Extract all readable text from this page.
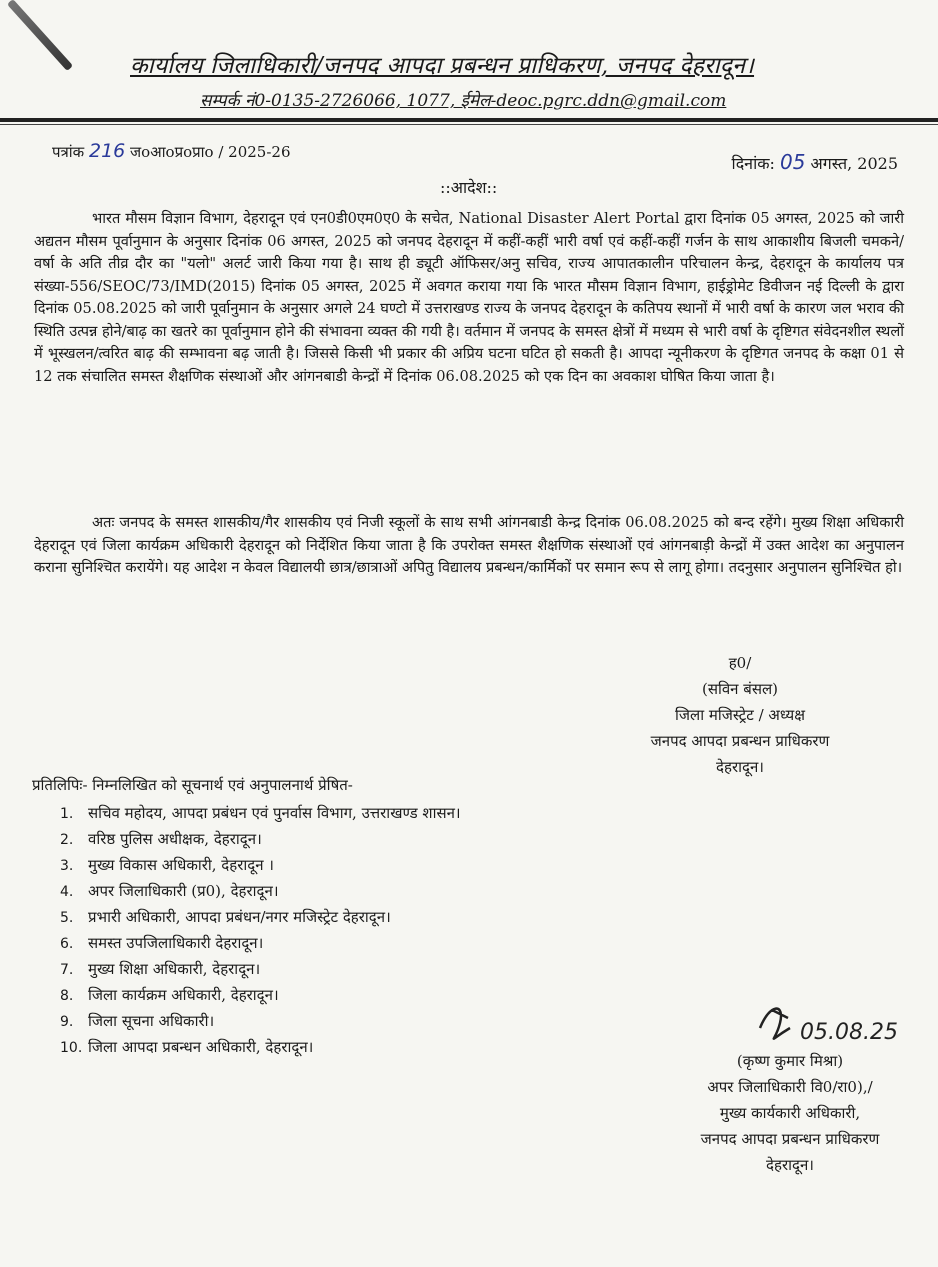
कार्यालय जिलाधिकारी/जनपद आपदा प्रबन्धन प्राधिकरण, जनपद देहरादून।
सम्पर्क नं0-0135-2726066, 1077, ईमेल-deoc.pgrc.ddn@gmail.com
पत्रांक 216 जoआoप्रoप्राo / 2025-26
दिनांक: 05 अगस्त, 2025
::आदेश::
भारत मौसम विज्ञान विभाग, देहरादून एवं एन0डी0एम0ए0 के सचेत, National Disaster Alert Portal द्वारा दिनांक 05 अगस्त, 2025 को जारी अद्यतन मौसम पूर्वानुमान के अनुसार दिनांक 06 अगस्त, 2025 को जनपद देहरादून में कहीं-कहीं भारी वर्षा एवं कहीं-कहीं गर्जन के साथ आकाशीय बिजली चमकने/वर्षा के अति तीव्र दौर का "यलो" अलर्ट जारी किया गया है। साथ ही ड्यूटी ऑफिसर/अनु सचिव, राज्य आपातकालीन परिचालन केन्द्र, देहरादून के कार्यालय पत्र संख्या-556/SEOC/73/IMD(2015) दिनांक 05 अगस्त, 2025 में अवगत कराया गया कि भारत मौसम विज्ञान विभाग, हाईड्रोमेट डिवीजन नई दिल्ली के द्वारा दिनांक 05.08.2025 को जारी पूर्वानुमान के अनुसार अगले 24 घण्टो में उत्तराखण्ड राज्य के जनपद देहरादून के कतिपय स्थानों में भारी वर्षा के कारण जल भराव की स्थिति उत्पन्न होने/बाढ़ का खतरे का पूर्वानुमान होने की संभावना व्यक्त की गयी है। वर्तमान में जनपद के समस्त क्षेत्रों में मध्यम से भारी वर्षा के दृष्टिगत संवेदनशील स्थलों में भूस्खलन/त्वरित बाढ़ की सम्भावना बढ़ जाती है। जिससे किसी भी प्रकार की अप्रिय घटना घटित हो सकती है। आपदा न्यूनीकरण के दृष्टिगत जनपद के कक्षा 01 से 12 तक संचालित समस्त शैक्षणिक संस्थाओं और आंगनबाडी केन्द्रों में दिनांक 06.08.2025 को एक दिन का अवकाश घोषित किया जाता है।
अतः जनपद के समस्त शासकीय/गैर शासकीय एवं निजी स्कूलों के साथ सभी आंगनबाडी केन्द्र दिनांक 06.08.2025 को बन्द रहेंगे। मुख्य शिक्षा अधिकारी देहरादून एवं जिला कार्यक्रम अधिकारी देहरादून को निर्देशित किया जाता है कि उपरोक्त समस्त शैक्षणिक संस्थाओं एवं आंगनबाड़ी केन्द्रों में उक्त आदेश का अनुपालन कराना सुनिश्चित करायेंगे। यह आदेश न केवल विद्यालयी छात्र/छात्राओं अपितु विद्यालय प्रबन्धन/कार्मिकों पर समान रूप से लागू होगा। तदनुसार अनुपालन सुनिश्चित हो।
ह0/
(सविन बंसल)
जिला मजिस्ट्रेट / अध्यक्ष
जनपद आपदा प्रबन्धन प्राधिकरण
देहरादून।
प्रतिलिपिः- निम्नलिखित को सूचनार्थ एवं अनुपालनार्थ प्रेषित-
1. सचिव महोदय, आपदा प्रबंधन एवं पुनर्वास विभाग, उत्तराखण्ड शासन।
2. वरिष्ठ पुलिस अधीक्षक, देहरादून।
3. मुख्य विकास अधिकारी, देहरादून ।
4. अपर जिलाधिकारी (प्र0), देहरादून।
5. प्रभारी अधिकारी, आपदा प्रबंधन/नगर मजिस्ट्रेट देहरादून।
6. समस्त उपजिलाधिकारी देहरादून।
7. मुख्य शिक्षा अधिकारी, देहरादून।
8. जिला कार्यक्रम अधिकारी, देहरादून।
9. जिला सूचना अधिकारी।
10. जिला आपदा प्रबन्धन अधिकारी, देहरादून।
05.08.25
(कृष्ण कुमार मिश्रा)
अपर जिलाधिकारी वि0/रा0),/
मुख्य कार्यकारी अधिकारी,
जनपद आपदा प्रबन्धन प्राधिकरण
देहरादून।
